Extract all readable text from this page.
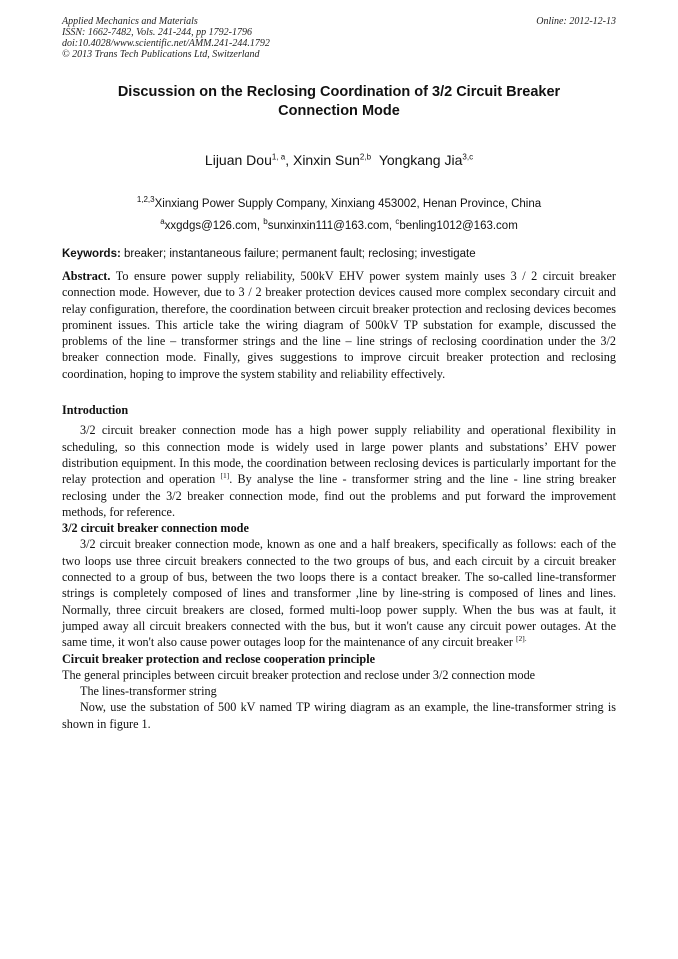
Applied Mechanics and Materials
ISSN: 1662-7482, Vols. 241-244, pp 1792-1796
doi:10.4028/www.scientific.net/AMM.241-244.1792
© 2013 Trans Tech Publications Ltd, Switzerland
Online: 2012-12-13
Discussion on the Reclosing Coordination of 3/2 Circuit Breaker
Connection Mode
Lijuan Dou$^{1, a}$, Xinxin Sun$^{2,b}$ Yongkang Jia$^{3,c}$
$^{1,2,3}$Xinxiang Power Supply Company, Xinxiang 453002, Henan Province, China
$^a$xxgdgs@126.com, $^b$sunxinxin111@163.com, $^c$benling1012@163.com
Keywords: breaker; instantaneous failure; permanent fault; reclosing; investigate

Abstract. To ensure power supply reliability, 500kV EHV power system mainly uses 3 / 2 circuit breaker connection mode. However, due to 3 / 2 breaker protection devices caused more complex secondary circuit and relay configuration, therefore, the coordination between circuit breaker protection and reclosing devices becomes prominent issues. This article take the wiring diagram of 500kV TP substation for example, discussed the problems of the line – transformer strings and the line – line strings of reclosing coordination under the 3/2 breaker connection mode. Finally, gives suggestions to improve circuit breaker protection and reclosing coordination, hoping to improve the system stability and reliability effectively.

Introduction

3/2 circuit breaker connection mode has a high power supply reliability and operational flexibility in scheduling, so this connection mode is widely used in large power plants and substations’ EHV power distribution equipment. In this mode, the coordination between reclosing devices is particularly important for the relay protection and operation [1]. By analyse the line - transformer string and the line - line string breaker reclosing under the 3/2 breaker connection mode, find out the problems and put forward the improvement methods, for reference.

3/2 circuit breaker connection mode

3/2 circuit breaker connection mode, known as one and a half breakers, specifically as follows: each of the two loops use three circuit breakers connected to the two groups of bus, and each circuit by a circuit breaker connected to a group of bus, between the two loops there is a contact breaker. The so-called line-transformer strings is completely composed of lines and transformer ,line by line-string is composed of lines and lines. Normally, three circuit breakers are closed, formed multi-loop power supply. When the bus was at fault, it jumped away all circuit breakers connected with the bus, but it won't cause any circuit power outages. At the same time, it won't also cause power outages loop for the maintenance of any circuit breaker $^{[2].}$

Circuit breaker protection and reclose cooperation principle

The general principles between circuit breaker protection and reclose under 3/2 connection mode

The lines-transformer string

Now, use the substation of 500 kV named TP wiring diagram as an example, the line-transformer string is shown in figure 1.
